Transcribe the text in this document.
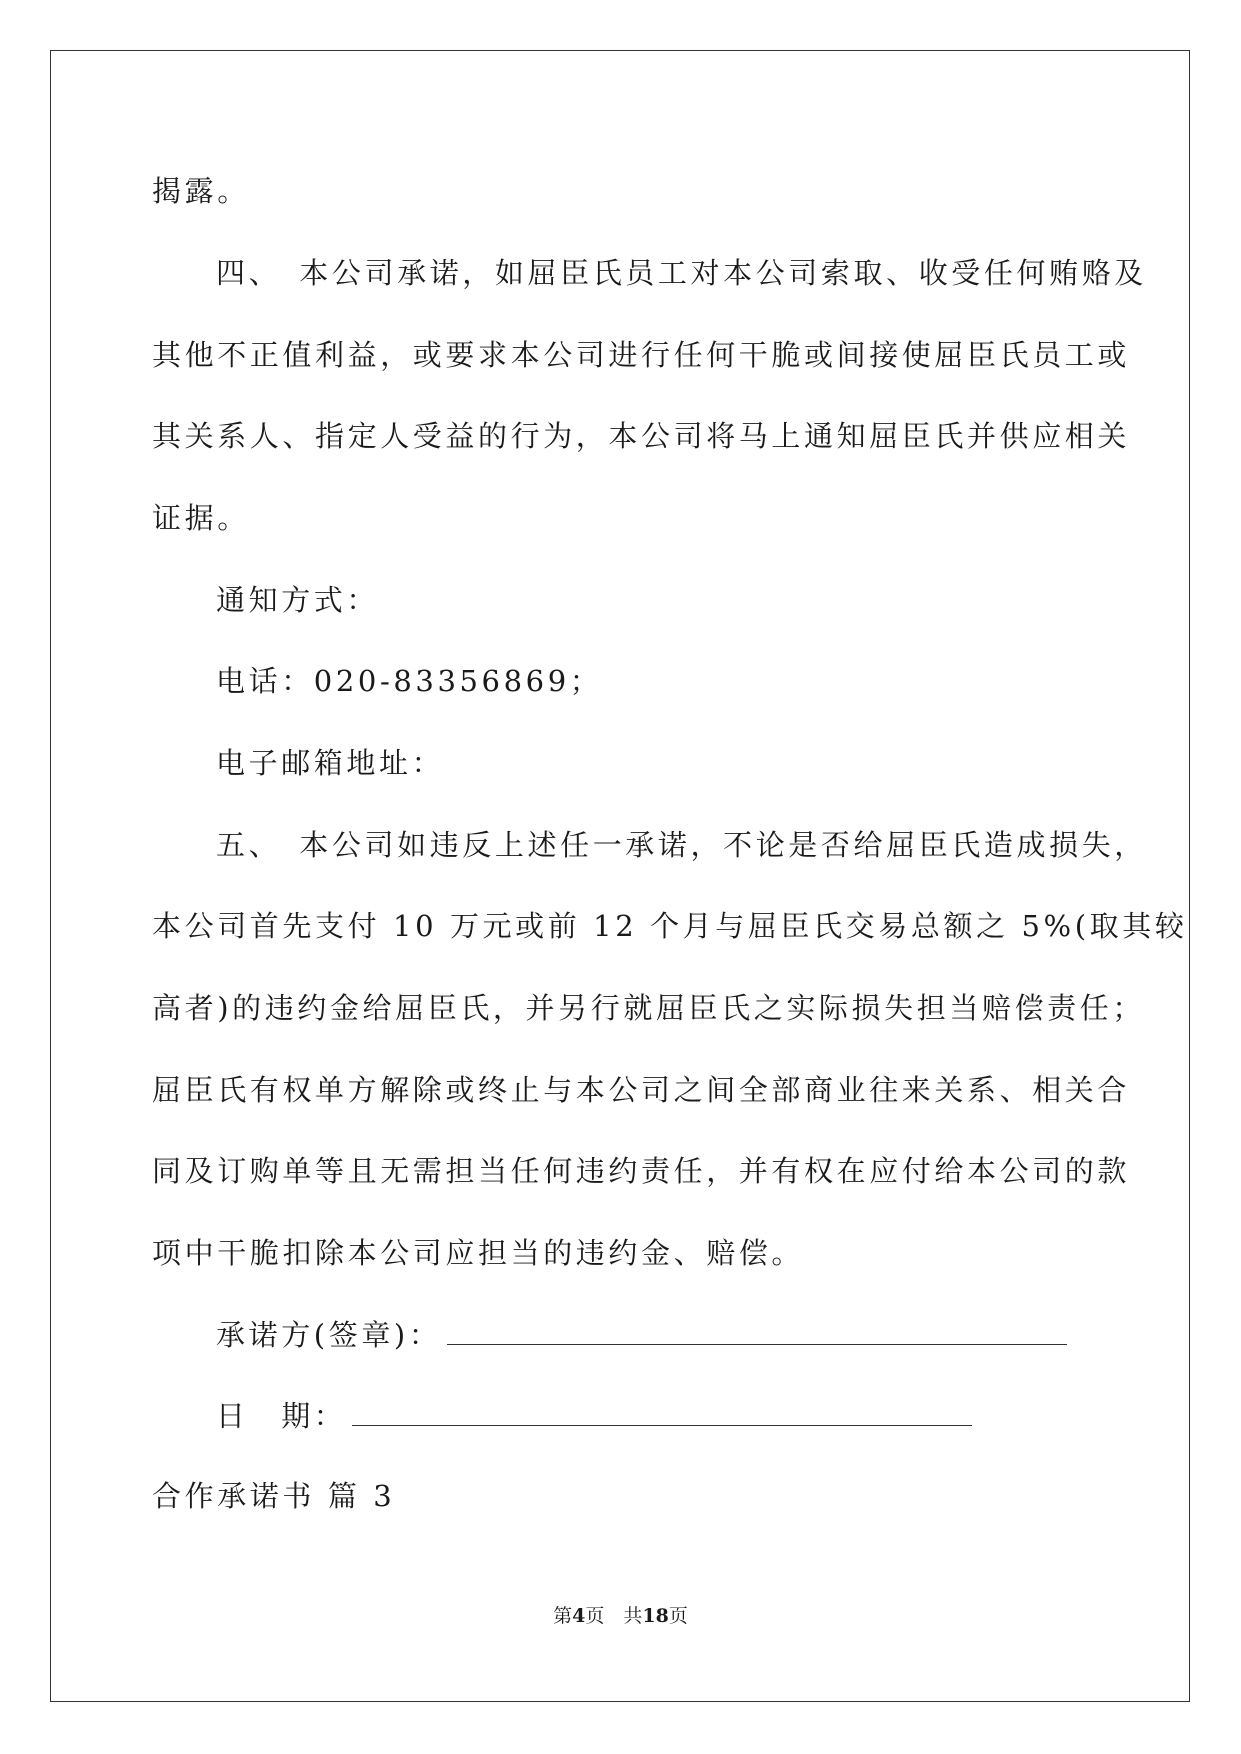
揭露。
四、　本公司承诺，如屈臣氏员工对本公司索取、收受任何贿赂及
其他不正值利益，或要求本公司进行任何干脆或间接使屈臣氏员工或
其关系人、指定人受益的行为，本公司将马上通知屈臣氏并供应相关
证据。
通知方式：
电话：020-83356869；
电子邮箱地址：
五、　本公司如违反上述任一承诺，不论是否给屈臣氏造成损失，
本公司首先支付 10 万元或前 12 个月与屈臣氏交易总额之 5%(取其较
高者)的违约金给屈臣氏，并另行就屈臣氏之实际损失担当赔偿责任；
屈臣氏有权单方解除或终止与本公司之间全部商业往来关系、相关合
同及订购单等且无需担当任何违约责任，并有权在应付给本公司的款
项中干脆扣除本公司应担当的违约金、赔偿。
承诺方(签章)：
日　期：
合作承诺书 篇 3
第4页　共18页
